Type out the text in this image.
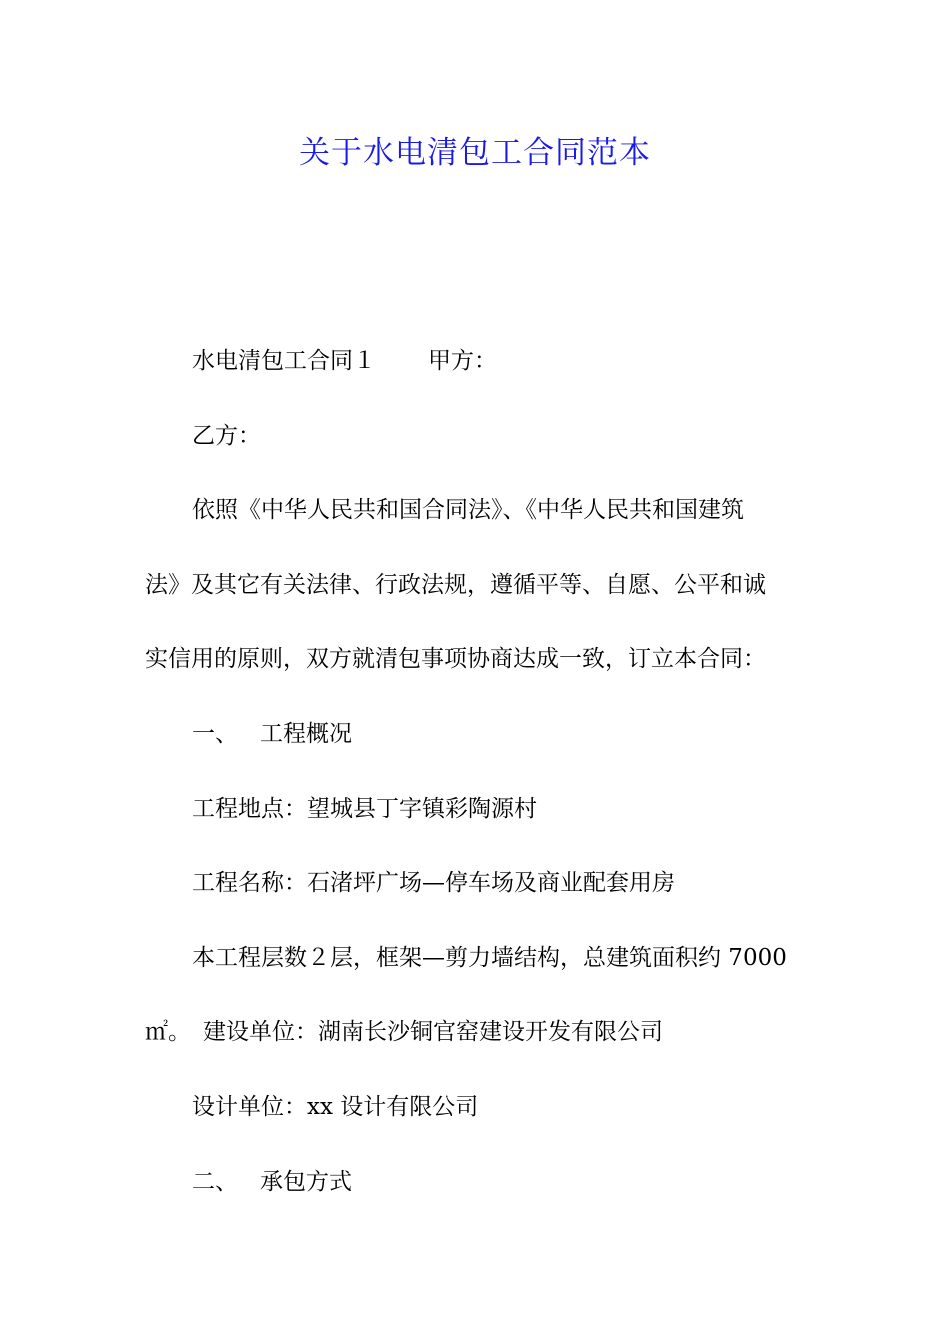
关于水电清包工合同范本
水电清包工合同１ 甲方：
乙方：
依照《中华人民共和国合同法》、《中华人民共和国建筑
法》及其它有关法律、行政法规，遵循平等、自愿、公平和诚
实信用的原则，双方就清包事项协商达成一致，订立本合同：
一、 工程概况
工程地点：望城县丁字镇彩陶源村
工程名称：石渚坪广场—停车场及商业配套用房
本工程层数２层，框架—剪力墙结构，总建筑面积约 7000
㎡。 建设单位：湖南长沙铜官窑建设开发有限公司
设计单位：xx 设计有限公司
二、 承包方式
